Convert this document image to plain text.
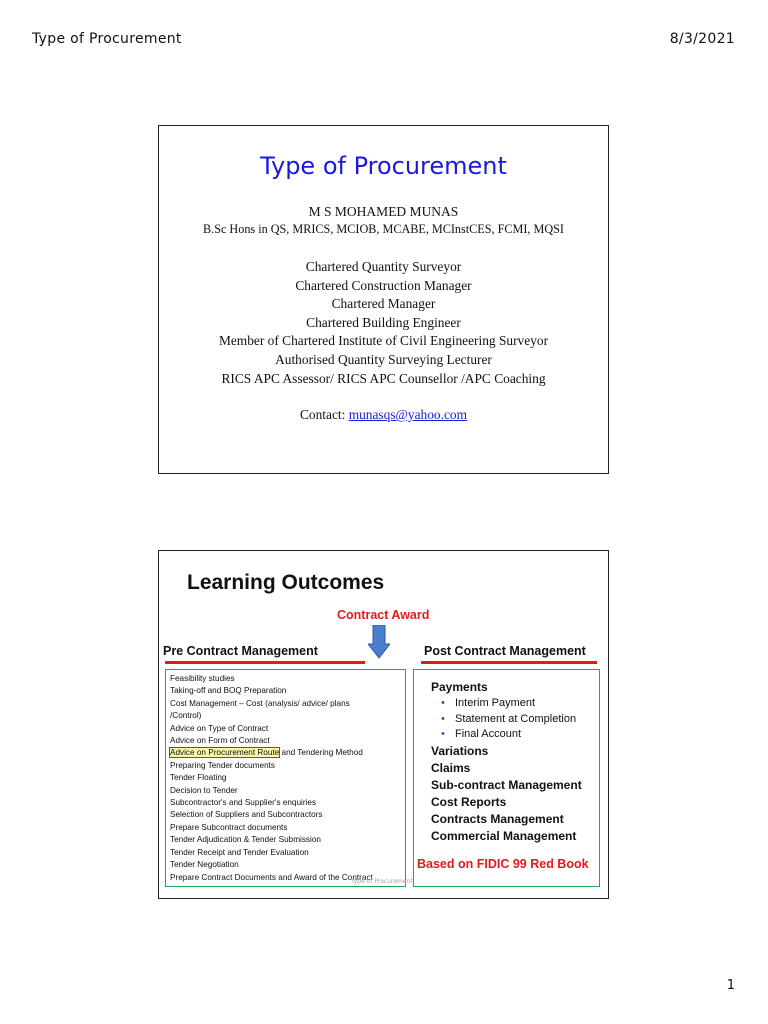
Type of Procurement	8/3/2021
Type of Procurement
M S MOHAMED MUNAS
B.Sc Hons in QS, MRICS, MCIOB, MCABE, MCInstCES, FCMI, MQSI
Chartered Quantity Surveyor
Chartered Construction Manager
Chartered Manager
Chartered Building Engineer
Member of Chartered Institute of Civil Engineering Surveyor
Authorised Quantity Surveying Lecturer
RICS APC Assessor/ RICS APC Counsellor /APC Coaching
Contact: munasqs@yahoo.com
Learning Outcomes
Contract Award
Pre Contract Management	Post Contract Management
Feasibility studies
Taking-off and BOQ Preparation
Cost Management – Cost (analysis/ advice/ plans
/Control)
Advice on Type of Contract
Advice on Form of Contract
Advice on Procurement Route and Tendering Method
Preparing Tender documents
Tender Floating
Decision to Tender
Subcontractor's and Supplier's enquiries
Selection of Suppliers and Subcontractors
Prepare Subcontract documents
Tender Adjudication & Tender Submission
Tender Receipt and Tender Evaluation
Tender Negotiation
Prepare Contract Documents and Award of the Contract
Payments
• Interim Payment
• Statement at Completion
• Final Account
Variations
Claims
Sub-contract Management
Cost Reports
Contracts Management
Commercial Management
Based on FIDIC 99 Red Book
Type of Procurement
1
